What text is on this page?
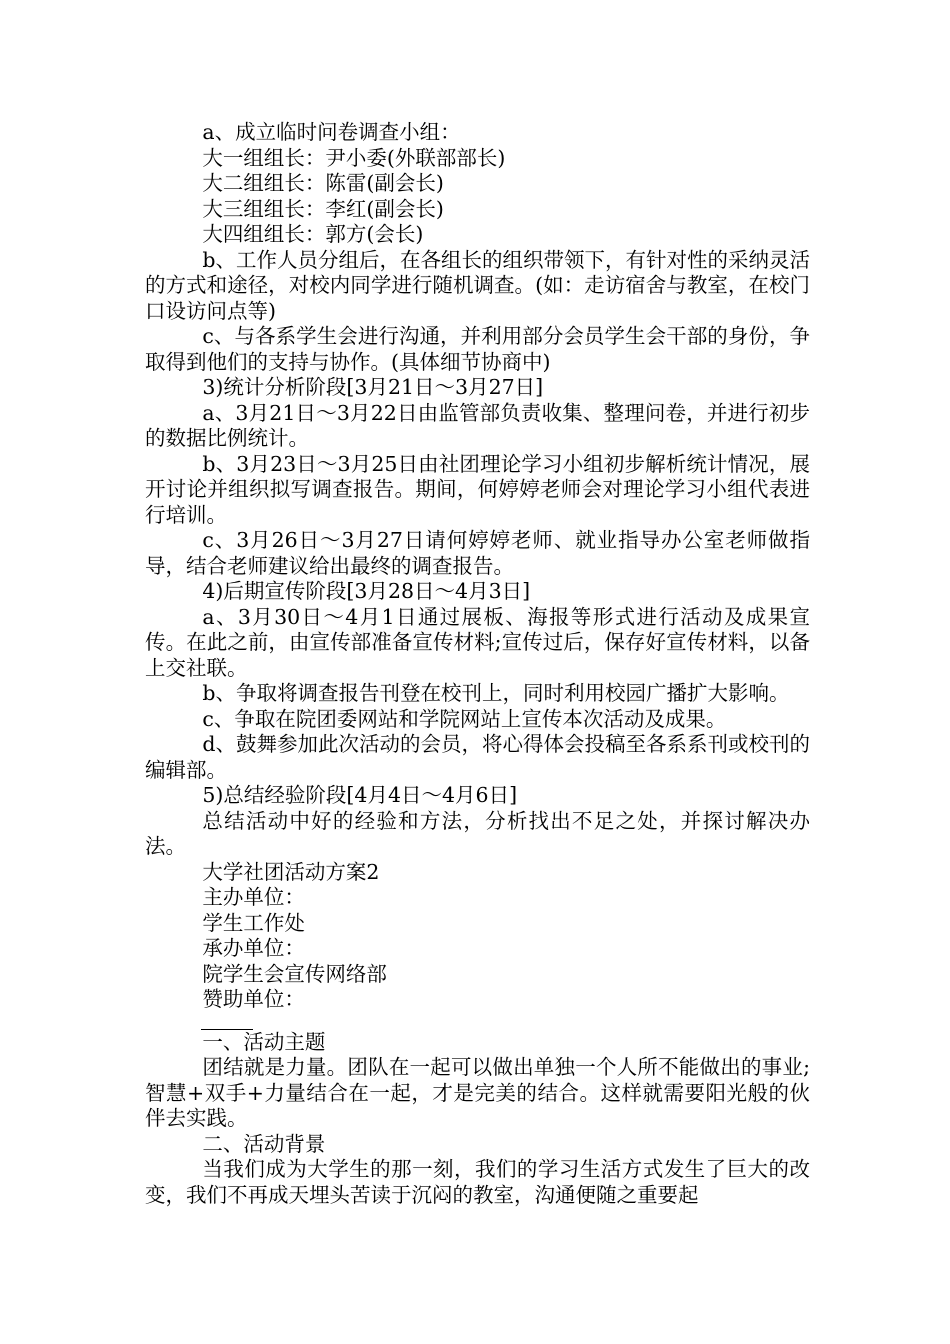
a、成立临时问卷调查小组：

大一组组长：尹小委(外联部部长)

大二组组长：陈雷(副会长)

大三组组长：李红(副会长)

大四组组长：郭方(会长)

b、工作人员分组后，在各组长的组织带领下，有针对性的采纳灵活的方式和途径，对校内同学进行随机调查。(如：走访宿舍与教室，在校门口设访问点等)

c、与各系学生会进行沟通，并利用部分会员学生会干部的身份，争取得到他们的支持与协作。(具体细节协商中)

3)统计分析阶段[3月21日～3月27日]

a、3月21日～3月22日由监管部负责收集、整理问卷，并进行初步的数据比例统计。

b、3月23日～3月25日由社团理论学习小组初步解析统计情况，展开讨论并组织拟写调查报告。期间，何婷婷老师会对理论学习小组代表进行培训。

c、3月26日～3月27日请何婷婷老师、就业指导办公室老师做指导，结合老师建议给出最终的调查报告。

4)后期宣传阶段[3月28日～4月3日]

a、3月30日～4月1日通过展板、海报等形式进行活动及成果宣传。在此之前，由宣传部准备宣传材料;宣传过后，保存好宣传材料，以备上交社联。

b、争取将调查报告刊登在校刊上，同时利用校园广播扩大影响。

c、争取在院团委网站和学院网站上宣传本次活动及成果。

d、鼓舞参加此次活动的会员，将心得体会投稿至各系系刊或校刊的编辑部。

5)总结经验阶段[4月4日～4月6日]

总结活动中好的经验和方法，分析找出不足之处，并探讨解决办法。

大学社团活动方案2

主办单位：

学生工作处

承办单位：

院学生会宣传网络部

赞助单位：

一、活动主题

团结就是力量。团队在一起可以做出单独一个人所不能做出的事业;智慧+双手+力量结合在一起，才是完美的结合。这样就需要阳光般的伙伴去实践。

二、活动背景

当我们成为大学生的那一刻，我们的学习生活方式发生了巨大的改变，我们不再成天埋头苦读于沉闷的教室，沟通便随之重要起
